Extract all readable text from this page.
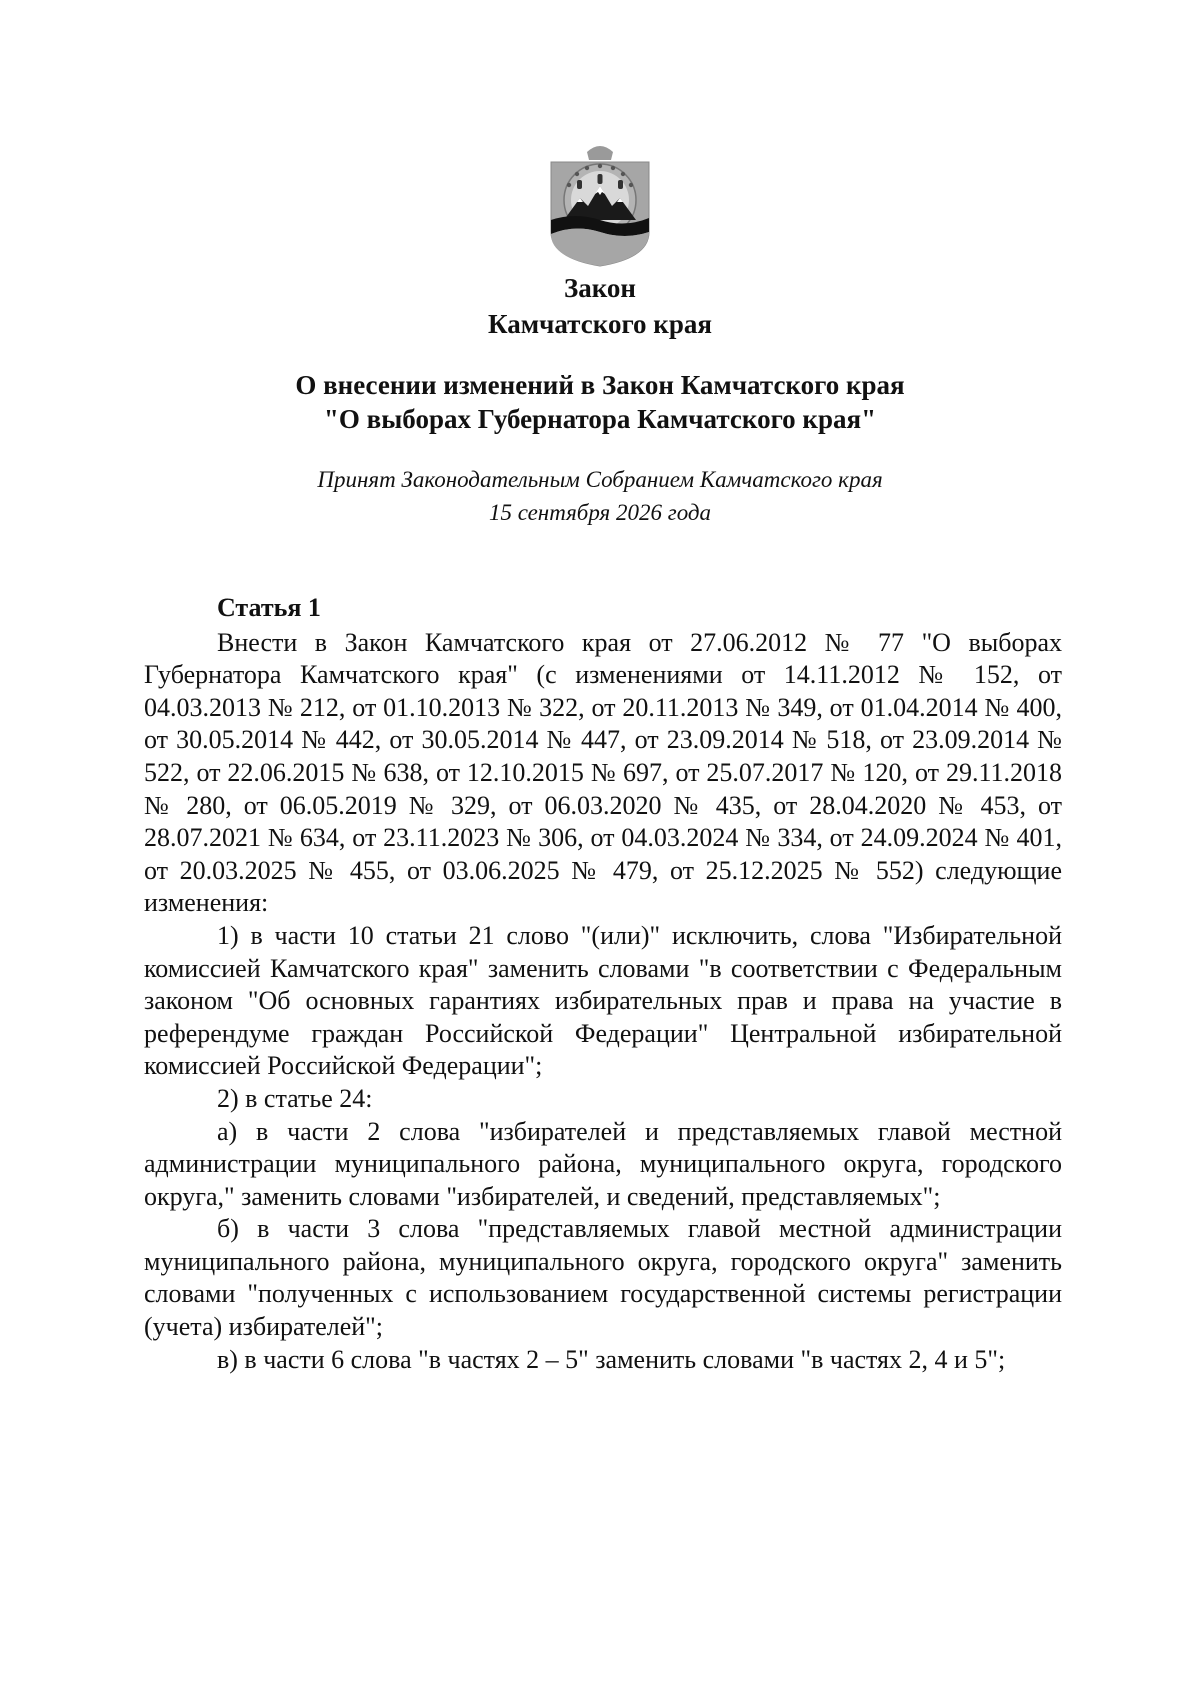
Закон
Камчатского края
О внесении изменений в Закон Камчатского края
"О выборах Губернатора Камчатского края"
Принят Законодательным Собранием Камчатского края
15 сентября 2026 года

Статья 1

Внести в Закон Камчатского края от 27.06.2012 № 77 "О выборах Губернатора Камчатского края" (с изменениями от 14.11.2012 № 152, от 04.03.2013 № 212, от 01.10.2013 № 322, от 20.11.2013 № 349, от 01.04.2014 № 400, от 30.05.2014 № 442, от 30.05.2014 № 447, от 23.09.2014 № 518, от 23.09.2014 № 522, от 22.06.2015 № 638, от 12.10.2015 № 697, от 25.07.2017 № 120, от 29.11.2018 № 280, от 06.05.2019 № 329, от 06.03.2020 № 435, от 28.04.2020 № 453, от 28.07.2021 № 634, от 23.11.2023 № 306, от 04.03.2024 № 334, от 24.09.2024 № 401, от 20.03.2025 № 455, от 03.06.2025 № 479, от 25.12.2025 № 552) следующие изменения:

1) в части 10 статьи 21 слово "(или)" исключить, слова "Избирательной комиссией Камчатского края" заменить словами "в соответствии с Федеральным законом "Об основных гарантиях избирательных прав и права на участие в референдуме граждан Российской Федерации" Центральной избирательной комиссией Российской Федерации";

2) в статье 24:

а) в части 2 слова "избирателей и представляемых главой местной администрации муниципального района, муниципального округа, городского округа," заменить словами "избирателей, и сведений, представляемых";

б) в части 3 слова "представляемых главой местной администрации муниципального района, муниципального округа, городского округа" заменить словами "полученных с использованием государственной системы регистрации (учета) избирателей";

в) в части 6 слова "в частях 2 – 5" заменить словами "в частях 2, 4 и 5";
